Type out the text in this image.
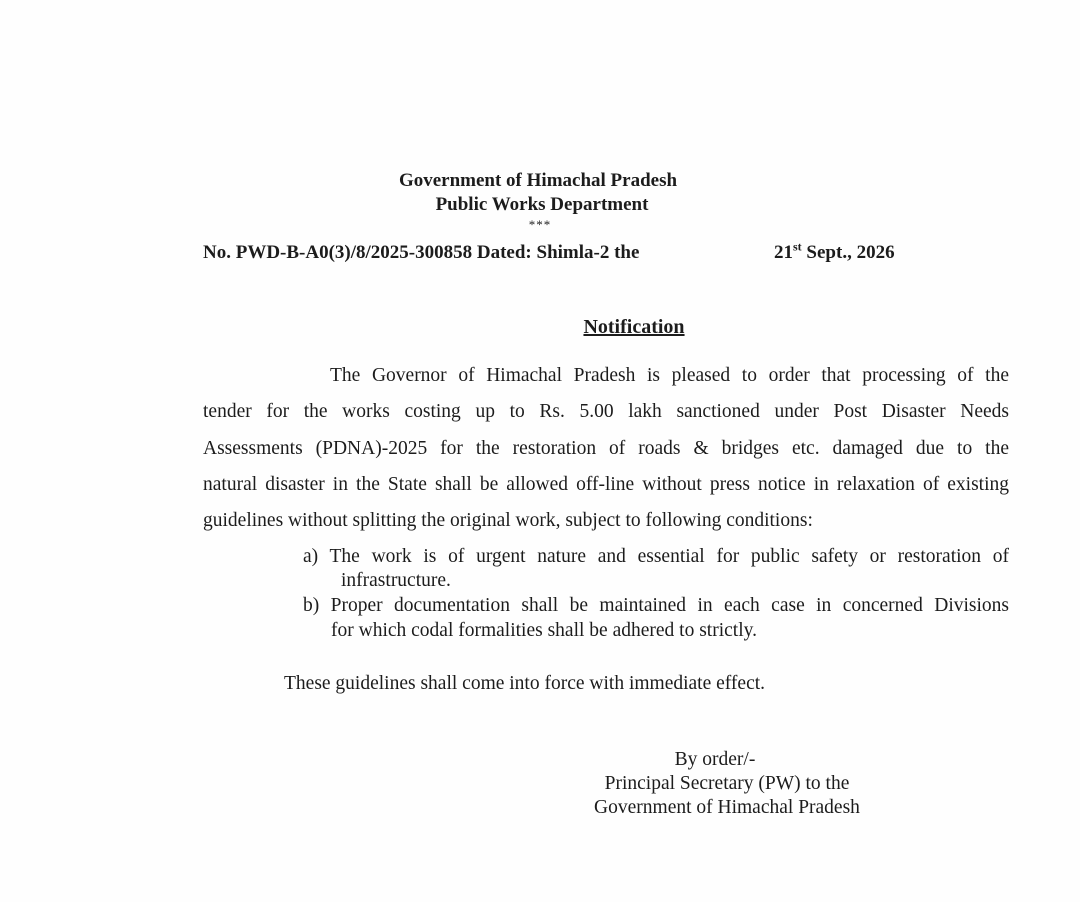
Government of Himachal Pradesh
Public Works Department
***
No. PWD-B-A0(3)/8/2025-300858 Dated: Shimla-2 the	21st Sept., 2026
Notification
The Governor of Himachal Pradesh is pleased to order that processing of the
tender for the works costing up to Rs. 5.00 lakh sanctioned under Post Disaster Needs
Assessments (PDNA)-2025 for the restoration of roads & bridges etc. damaged due to the
natural disaster in the State shall be allowed off-line without press notice in relaxation of existing
guidelines without splitting the original work, subject to following conditions:
a) The work is of urgent nature and essential for public safety or restoration of
infrastructure.
b) Proper documentation shall be maintained in each case in concerned Divisions
for which codal formalities shall be adhered to strictly.
These guidelines shall come into force with immediate effect.
By order/-
Principal Secretary (PW) to the
Government of Himachal Pradesh
